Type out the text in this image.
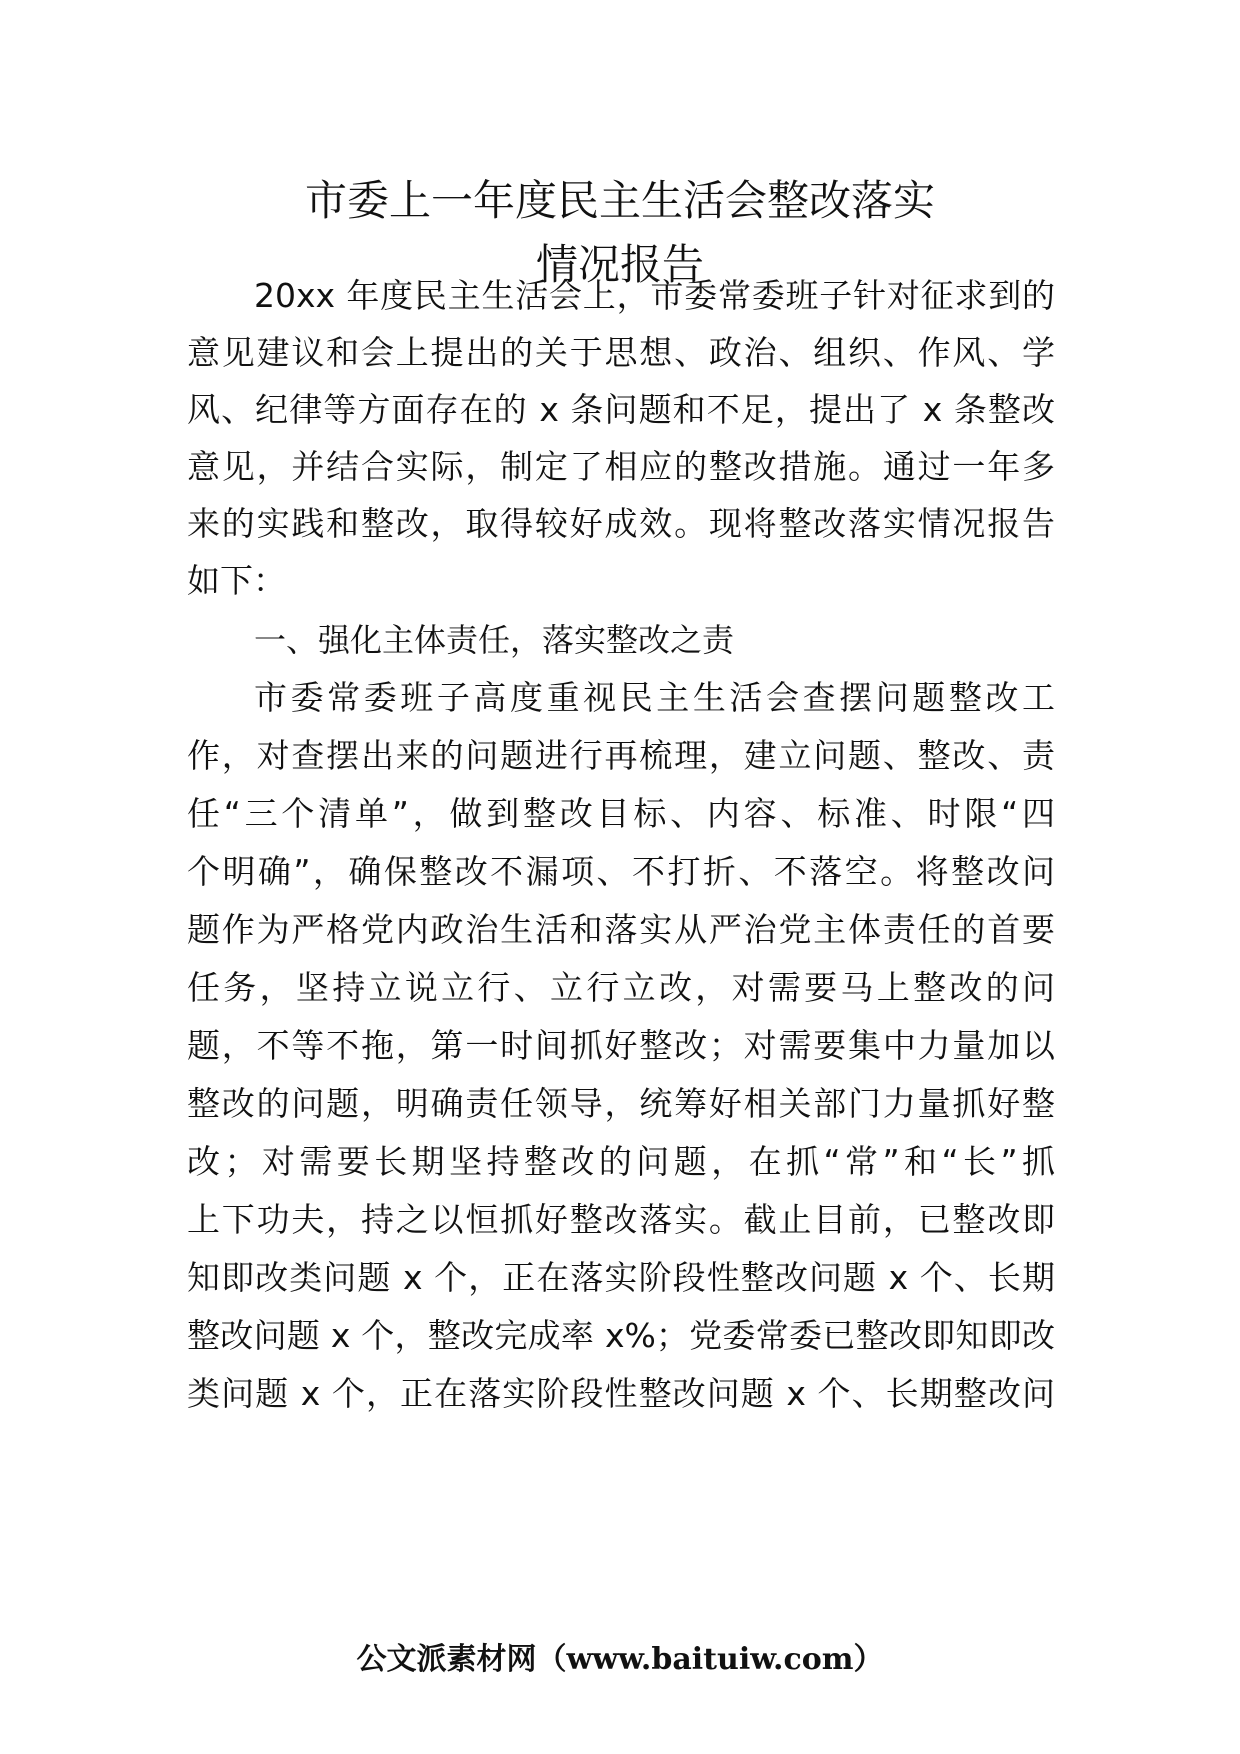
市委上一年度民主生活会整改落实
情况报告
20xx 年度民主生活会上，市委常委班子针对征求到的
意见建议和会上提出的关于思想、政治、组织、作风、学
风、纪律等方面存在的 x 条问题和不足，提出了 x 条整改
意见，并结合实际，制定了相应的整改措施。通过一年多
来的实践和整改，取得较好成效。现将整改落实情况报告
如下：
一、强化主体责任，落实整改之责
市委常委班子高度重视民主生活会查摆问题整改工
作，对查摆出来的问题进行再梳理，建立问题、整改、责
任“三个清单”，做到整改目标、内容、标准、时限“四
个明确”，确保整改不漏项、不打折、不落空。将整改问
题作为严格党内政治生活和落实从严治党主体责任的首要
任务，坚持立说立行、立行立改，对需要马上整改的问
题，不等不拖，第一时间抓好整改；对需要集中力量加以
整改的问题，明确责任领导，统筹好相关部门力量抓好整
改；对需要长期坚持整改的问题，在抓“常”和“长”抓
上下功夫，持之以恒抓好整改落实。截止目前，已整改即
知即改类问题 x 个，正在落实阶段性整改问题 x 个、长期
整改问题 x 个，整改完成率 x%；党委常委已整改即知即改
类问题 x 个，正在落实阶段性整改问题 x 个、长期整改问
公文派素材网（www.baituiw.com）
